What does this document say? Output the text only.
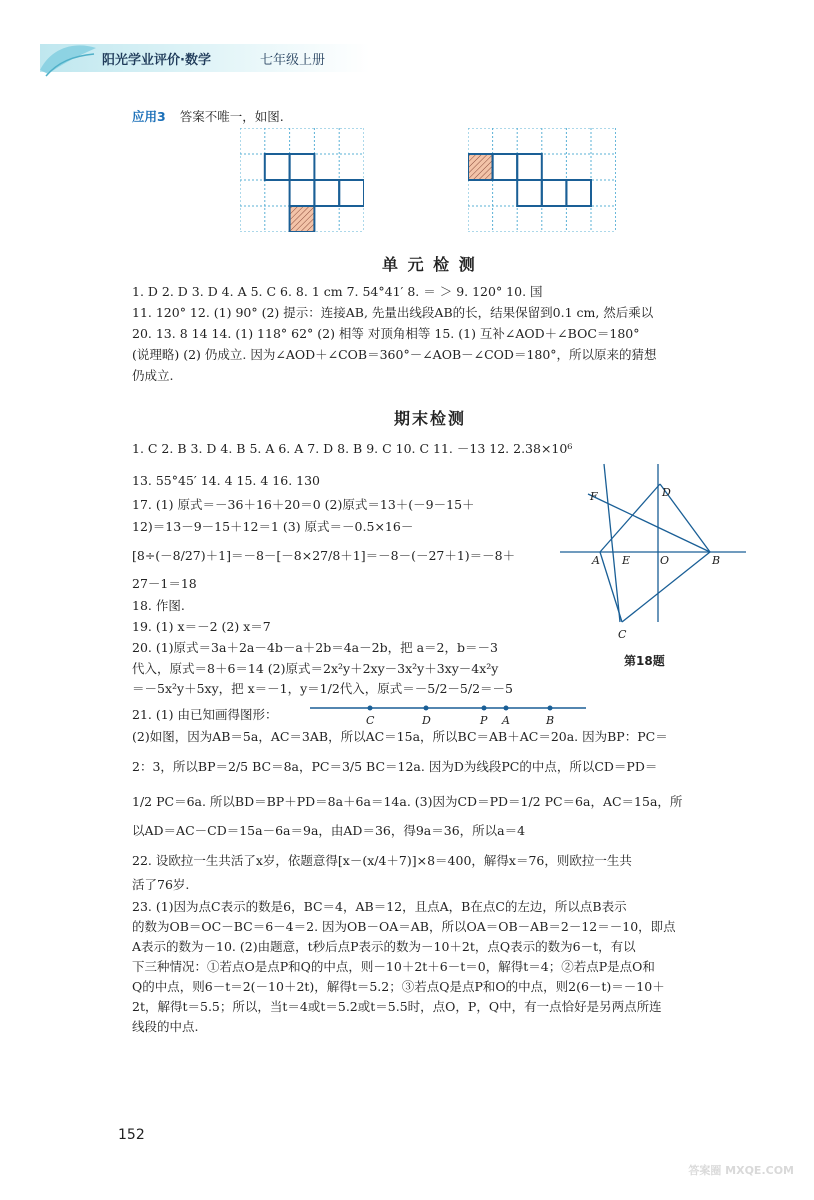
阳光学业评价·数学	七年级上册
应用3 答案不唯一，如图.
单 元 检 测
1. D 2. D 3. D 4. A 5. C 6. 8. 1 cm 7. 54°41′ 8. ＝ ＞ 9. 120° 10. 国
11. 120° 12. (1) 90° (2) 提示：连接AB, 先量出线段AB的长，结果保留到0.1 cm, 然后乘以
20. 13. 8 14 14. (1) 118° 62° (2) 相等 对顶角相等 15. (1) 互补∠AOD＋∠BOC＝180°
(说理略) (2) 仍成立. 因为∠AOD＋∠COB＝360°－∠AOB－∠COD＝180°，所以原来的猜想
仍成立.
期末检测
1. C 2. B 3. D 4. B 5. A 6. A 7. D 8. B 9. C 10. C 11. －13 12. 2.38×10⁶
13. 55°45′ 14. 4 15. 4 16. 130
17. (1) 原式＝－36＋16＋20＝0 (2)原式＝13＋(－9－15＋
12)＝13－9－15＋12＝1 (3) 原式＝－0.5×16－
[8÷(－8/27)＋1]＝－8－[－8×27/8＋1]＝－8－(－27＋1)＝－8＋
27－1＝18
18. 作图.
19. (1) x＝－2 (2) x＝7
20. (1)原式＝3a＋2a－4b－a＋2b＝4a－2b，把 a＝2，b＝－3
代入，原式＝8＋6＝14 (2)原式＝2x²y＋2xy－3x²y＋3xy－4x²y
F	D
A E	O	B
C
第18题
＝－5x²y＋5xy，把 x＝－1，y＝1/2代入，原式＝－5/2－5/2＝－5
21. (1) 由已知画得图形：	C	D	P A	B
(2)如图，因为AB＝5a，AC＝3AB，所以AC＝15a，所以BC＝AB＋AC＝20a. 因为BP：PC＝
2：3，所以BP＝2/5 BC＝8a，PC＝3/5 BC＝12a. 因为D为线段PC的中点，所以CD＝PD＝
1/2 PC＝6a. 所以BD＝BP＋PD＝8a＋6a＝14a. (3)因为CD＝PD＝1/2 PC＝6a，AC＝15a，所
以AD＝AC－CD＝15a－6a＝9a，由AD＝36，得9a＝36，所以a＝4
22. 设欧拉一生共活了x岁，依题意得[x－(x/4＋7)]×8＝400，解得x＝76，则欧拉一生共
活了76岁.
23. (1)因为点C表示的数是6，BC＝4，AB＝12，且点A，B在点C的左边，所以点B表示
的数为OB＝OC－BC＝6－4＝2. 因为OB－OA＝AB，所以OA＝OB－AB＝2－12＝－10，即点
A表示的数为－10. (2)由题意，t秒后点P表示的数为－10＋2t，点Q表示的数为6－t，有以
下三种情况：①若点O是点P和Q的中点，则－10＋2t＋6－t＝0，解得t＝4；②若点P是点O和
Q的中点，则6－t＝2(－10＋2t)，解得t＝5.2；③若点Q是点P和O的中点，则2(6－t)＝－10＋
2t，解得t＝5.5；所以，当t＝4或t＝5.2或t＝5.5时，点O，P，Q中，有一点恰好是另两点所连
线段的中点.
152
答案圈 MXQE.COM
